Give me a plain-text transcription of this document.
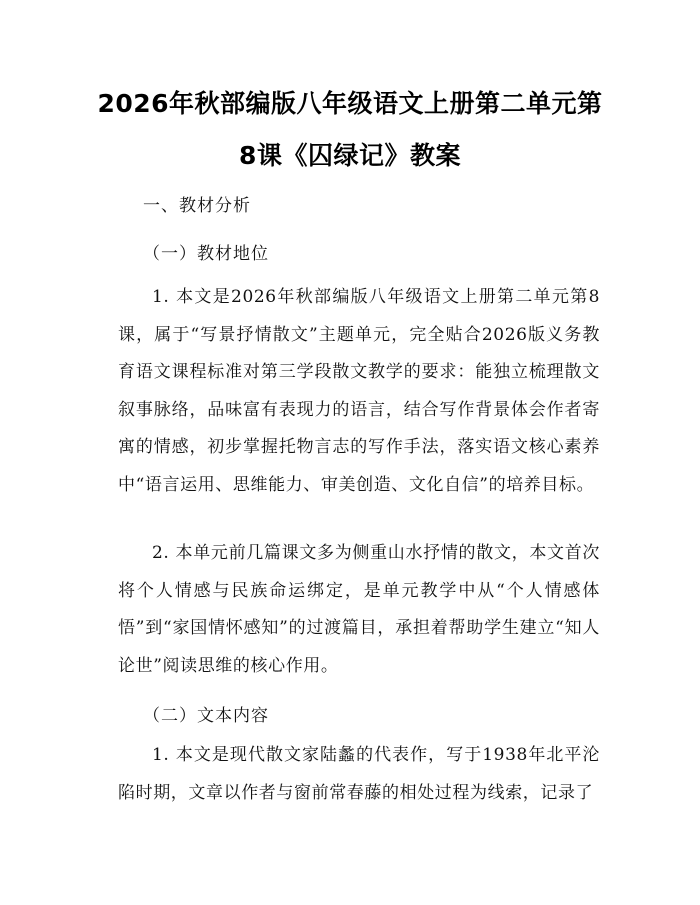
2026年秋部编版八年级语文上册第二单元第
8课《囚绿记》教案
一、教材分析
（一）教材地位
1. 本文是2026年秋部编版八年级语文上册第二单元第8课，属于“写景抒情散文”主题单元，完全贴合2026版义务教育语文课程标准对第三学段散文教学的要求：能独立梳理散文叙事脉络，品味富有表现力的语言，结合写作背景体会作者寄寓的情感，初步掌握托物言志的写作手法，落实语文核心素养中“语言运用、思维能力、审美创造、文化自信”的培养目标。
2. 本单元前几篇课文多为侧重山水抒情的散文，本文首次将个人情感与民族命运绑定，是单元教学中从“个人情感体悟”到“家国情怀感知”的过渡篇目，承担着帮助学生建立“知人论世”阅读思维的核心作用。
（二）文本内容
1. 本文是现代散文家陆蠡的代表作，写于1938年北平沦陷时期，文章以作者与窗前常春藤的相处过程为线索，记录了
